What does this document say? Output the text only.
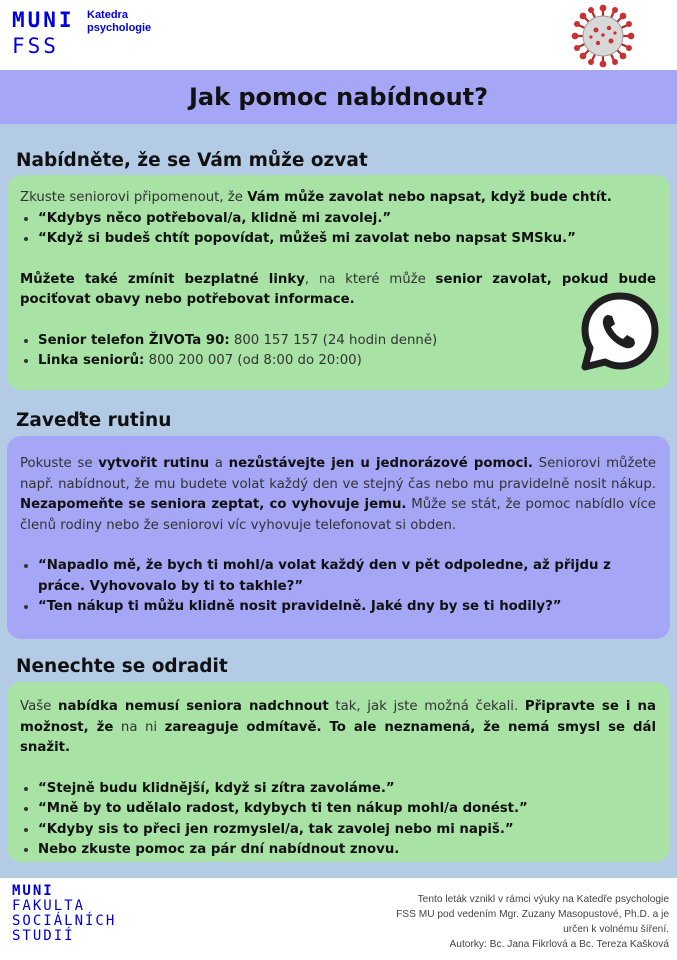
MUNI
FSS
Katedra
psychologie
Jak pomoc nabídnout?
Nabídněte, že se Vám může ozvat

Zkuste seniorovi připomenout, že Vám může zavolat nebo napsat, když bude chtít.

• “Kdybys něco potřeboval/a, klidně mi zavolej.”
• “Když si budeš chtít popovídat, můžeš mi zavolat nebo napsat SMSku.”

Můžete také zmínit bezplatné linky, na které může senior zavolat, pokud bude pociťovat obavy nebo potřebovat informace.

• Senior telefon ŽIVOTa 90: 800 157 157 (24 hodin denně)
• Linka seniorů: 800 200 007 (od 8:00 do 20:00)
Zaveďte rutinu

Pokuste se vytvořit rutinu a nezůstávejte jen u jednorázové pomoci. Seniorovi můžete např. nabídnout, že mu budete volat každý den ve stejný čas nebo mu pravidelně nosit nákup. Nezapomeňte se seniora zeptat, co vyhovuje jemu. Může se stát, že pomoc nabídlo více členů rodiny nebo že seniorovi víc vyhovuje telefonovat si obden.

• “Napadlo mě, že bych ti mohl/a volat každý den v pět odpoledne, až přijdu z práce. Vyhovovalo by ti to takhle?”
• “Ten nákup ti můžu klidně nosit pravidelně. Jaké dny by se ti hodily?”
Nenechte se odradit

Vaše nabídka nemusí seniora nadchnout tak, jak jste možná čekali. Připravte se i na možnost, že na ni zareaguje odmítavě. To ale neznamená, že nemá smysl se dál snažit.

• “Stejně budu klidnější, když si zítra zavoláme.”
• “Mně by to udělalo radost, kdybych ti ten nákup mohl/a donést.”
• “Kdyby sis to přeci jen rozmyslel/a, tak zavolej nebo mi napiš.”
• Nebo zkuste pomoc za pár dní nabídnout znovu.
MUNI
FAKULTA
SOCIÁLNÍCH
STUDIÍ
Tento leták vznikl v rámci výuky na Katedře psychologie
FSS MU pod vedením Mgr. Zuzany Masopustové, Ph.D. a je
určen k volnému šíření.
Autorky: Bc. Jana Fikrlová a Bc. Tereza Kašková
